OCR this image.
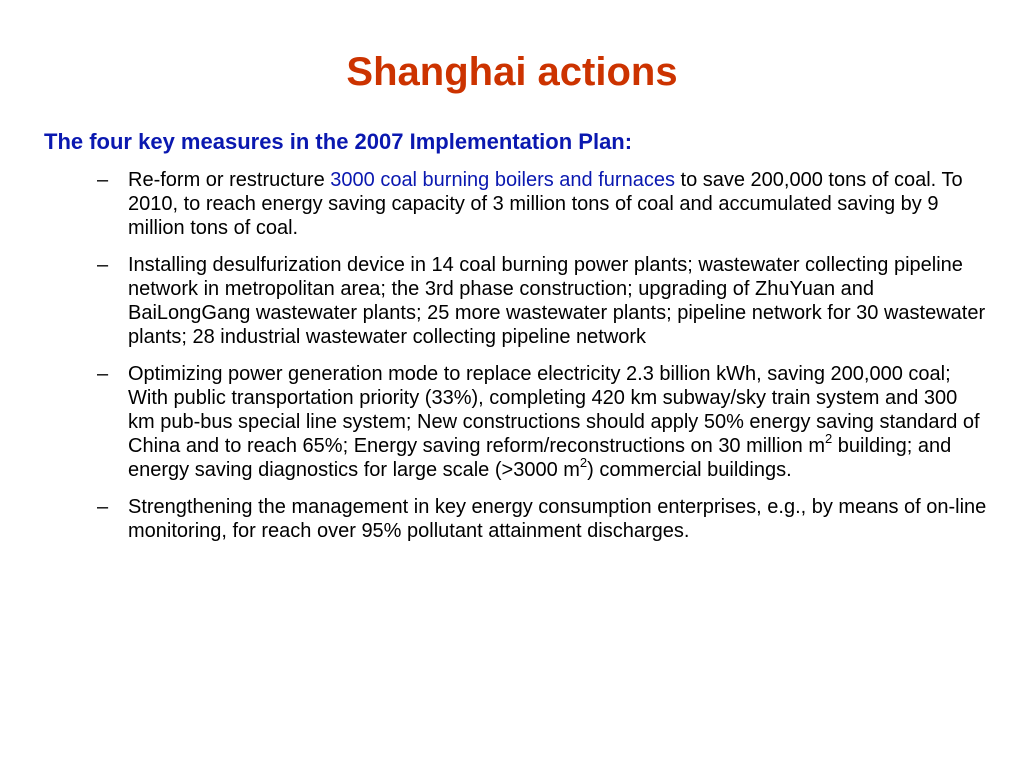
Shanghai actions
The four key measures in the 2007 Implementation Plan:
– Re-form or restructure 3000 coal burning boilers and furnaces to save 200,000 tons of coal. To 2010, to reach energy saving capacity of 3 million tons of coal and accumulated saving by 9 million tons of coal.
– Installing desulfurization device in 14 coal burning power plants; wastewater collecting pipeline network in metropolitan area; the 3rd phase construction; upgrading of ZhuYuan and BaiLongGang wastewater plants; 25 more wastewater plants; pipeline network for 30 wastewater plants; 28 industrial wastewater collecting pipeline network
– Optimizing power generation mode to replace electricity 2.3 billion kWh, saving 200,000 coal; With public transportation priority (33%), completing 420 km subway/sky train system and 300 km pub-bus special line system; New constructions should apply 50% energy saving standard of China and to reach 65%; Energy saving reform/reconstructions on 30 million $m^2$ building; and energy saving diagnostics for large scale (>3000 $m^2$) commercial buildings.
– Strengthening the management in key energy consumption enterprises, e.g., by means of on-line monitoring, for reach over 95% pollutant attainment discharges.
